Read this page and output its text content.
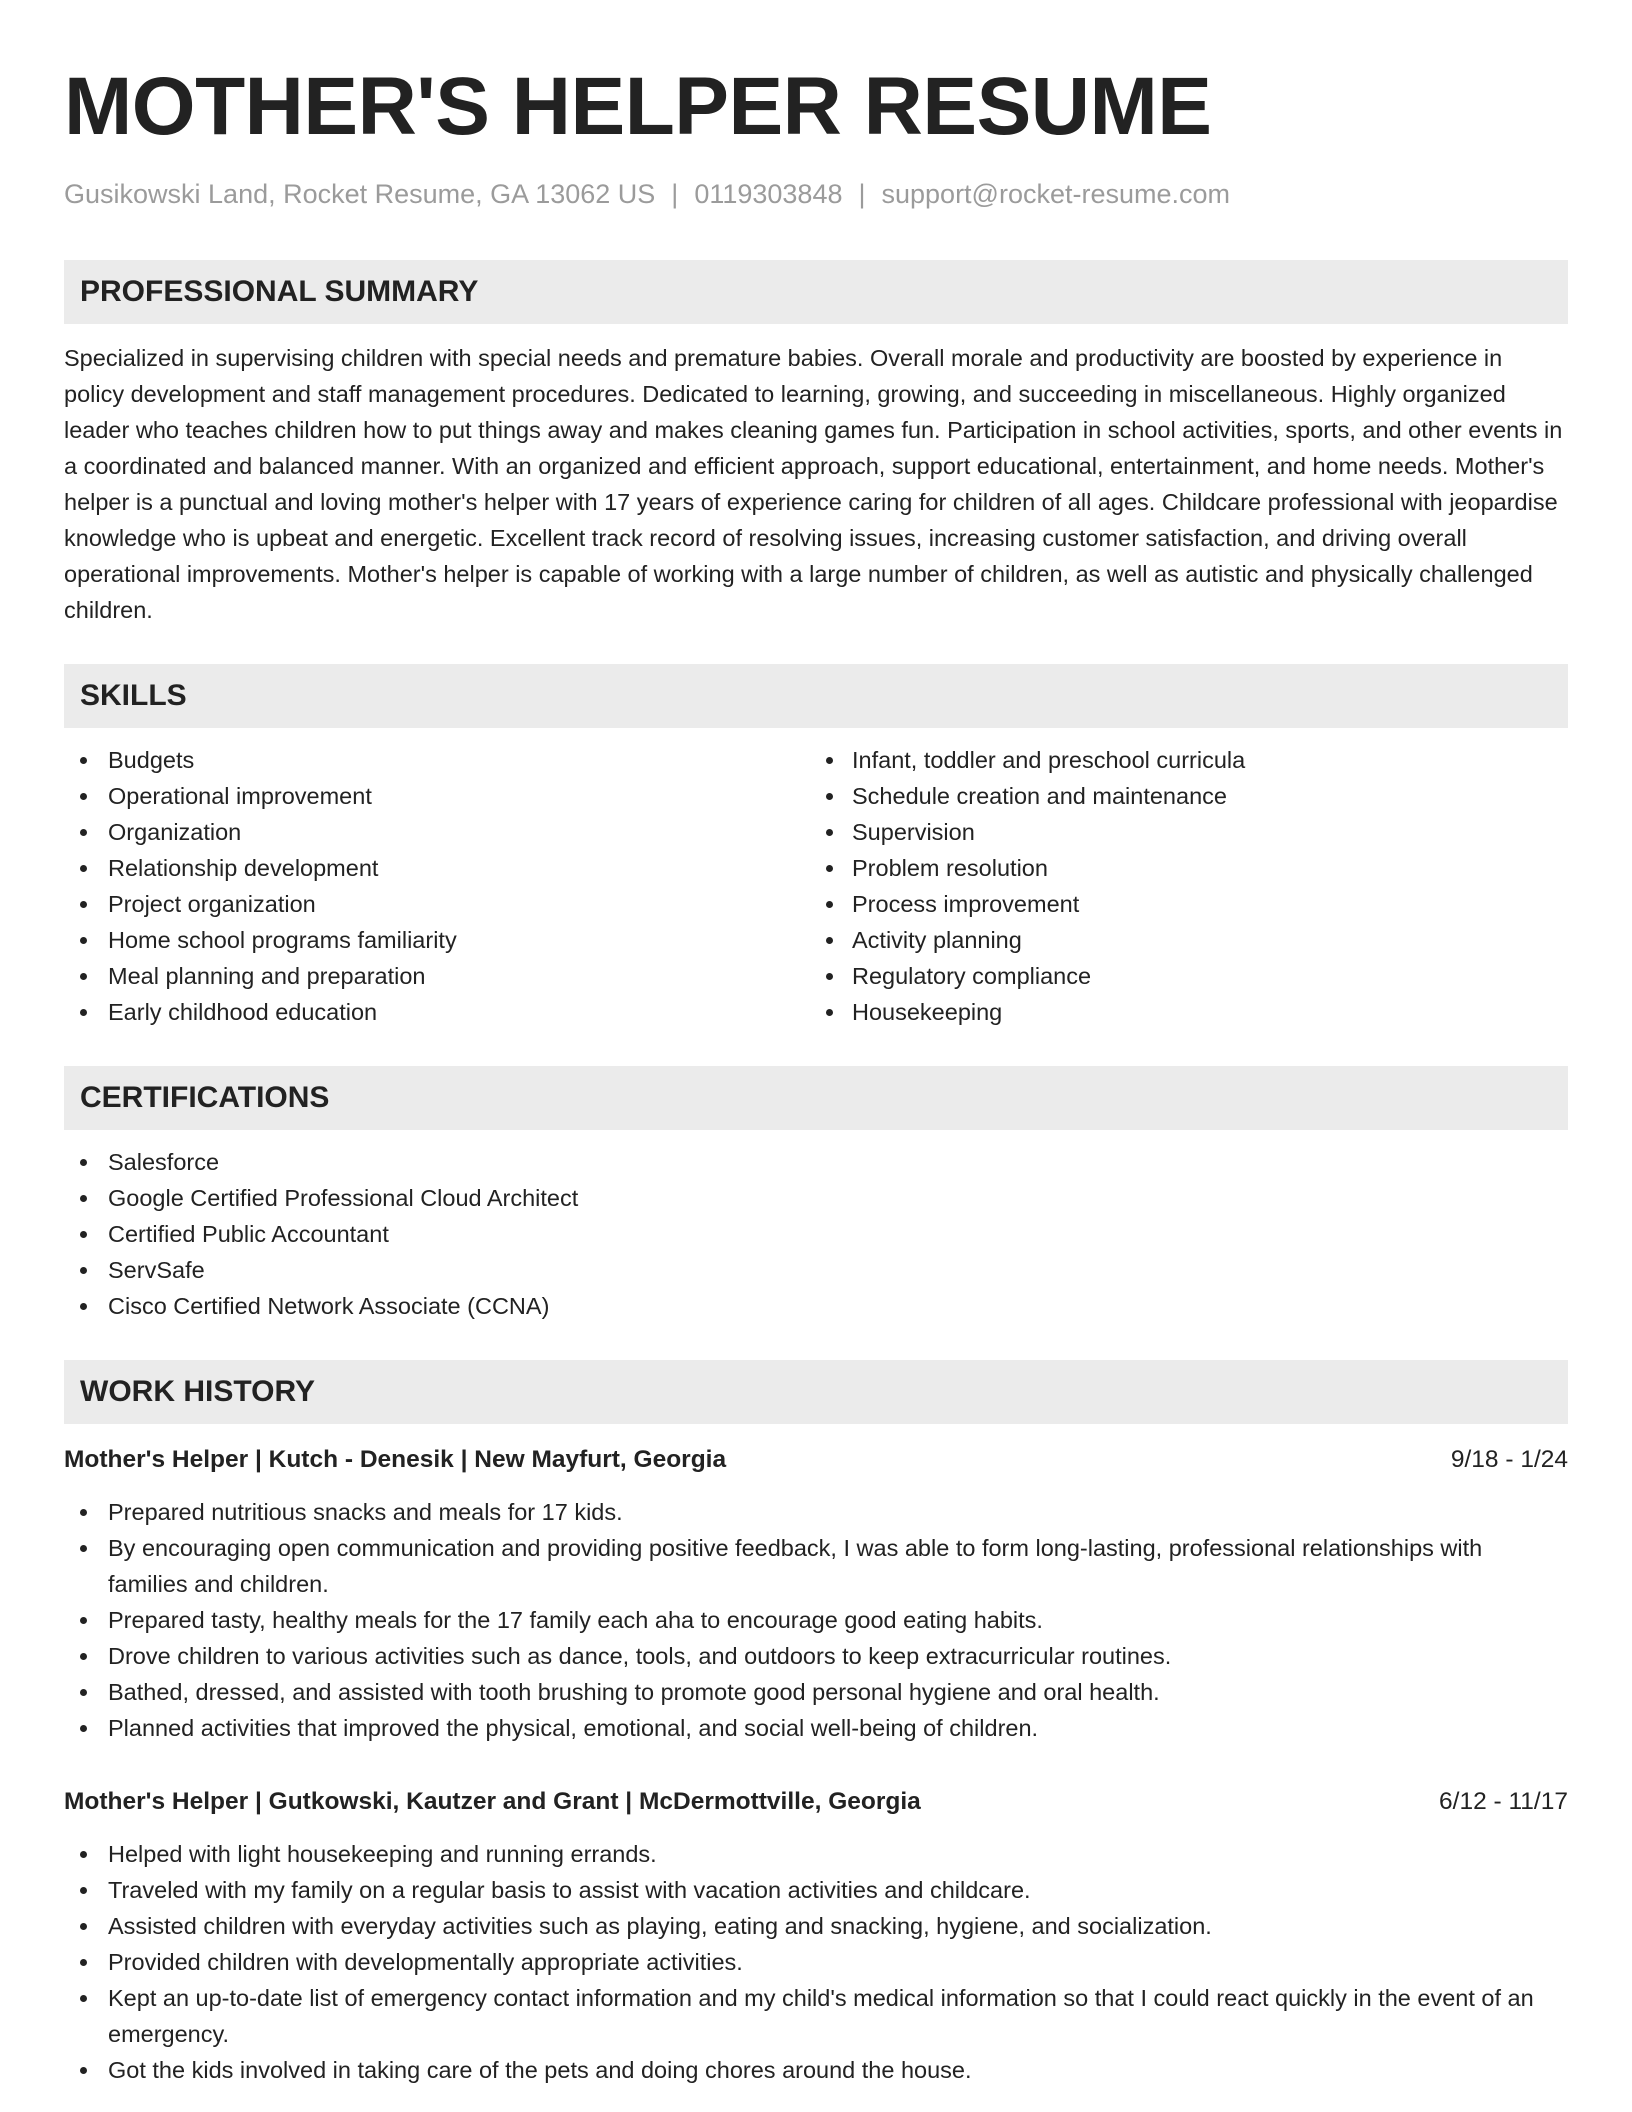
MOTHER'S HELPER RESUME
Gusikowski Land, Rocket Resume, GA 13062 US | 0119303848 | support@rocket-resume.com
PROFESSIONAL SUMMARY
Specialized in supervising children with special needs and premature babies. Overall morale and productivity are boosted by experience in policy development and staff management procedures. Dedicated to learning, growing, and succeeding in miscellaneous. Highly organized leader who teaches children how to put things away and makes cleaning games fun. Participation in school activities, sports, and other events in a coordinated and balanced manner. With an organized and efficient approach, support educational, entertainment, and home needs. Mother's helper is a punctual and loving mother's helper with 17 years of experience caring for children of all ages. Childcare professional with jeopardise knowledge who is upbeat and energetic. Excellent track record of resolving issues, increasing customer satisfaction, and driving overall operational improvements. Mother's helper is capable of working with a large number of children, as well as autistic and physically challenged children.
SKILLS
Budgets
Operational improvement
Organization
Relationship development
Project organization
Home school programs familiarity
Meal planning and preparation
Early childhood education
Infant, toddler and preschool curricula
Schedule creation and maintenance
Supervision
Problem resolution
Process improvement
Activity planning
Regulatory compliance
Housekeeping
CERTIFICATIONS
Salesforce
Google Certified Professional Cloud Architect
Certified Public Accountant
ServSafe
Cisco Certified Network Associate (CCNA)
WORK HISTORY
Mother's Helper | Kutch - Denesik | New Mayfurt, Georgia	9/18 - 1/24
Prepared nutritious snacks and meals for 17 kids.
By encouraging open communication and providing positive feedback, I was able to form long-lasting, professional relationships with families and children.
Prepared tasty, healthy meals for the 17 family each aha to encourage good eating habits.
Drove children to various activities such as dance, tools, and outdoors to keep extracurricular routines.
Bathed, dressed, and assisted with tooth brushing to promote good personal hygiene and oral health.
Planned activities that improved the physical, emotional, and social well-being of children.
Mother's Helper | Gutkowski, Kautzer and Grant | McDermottville, Georgia	6/12 - 11/17
Helped with light housekeeping and running errands.
Traveled with my family on a regular basis to assist with vacation activities and childcare.
Assisted children with everyday activities such as playing, eating and snacking, hygiene, and socialization.
Provided children with developmentally appropriate activities.
Kept an up-to-date list of emergency contact information and my child's medical information so that I could react quickly in the event of an emergency.
Got the kids involved in taking care of the pets and doing chores around the house.
